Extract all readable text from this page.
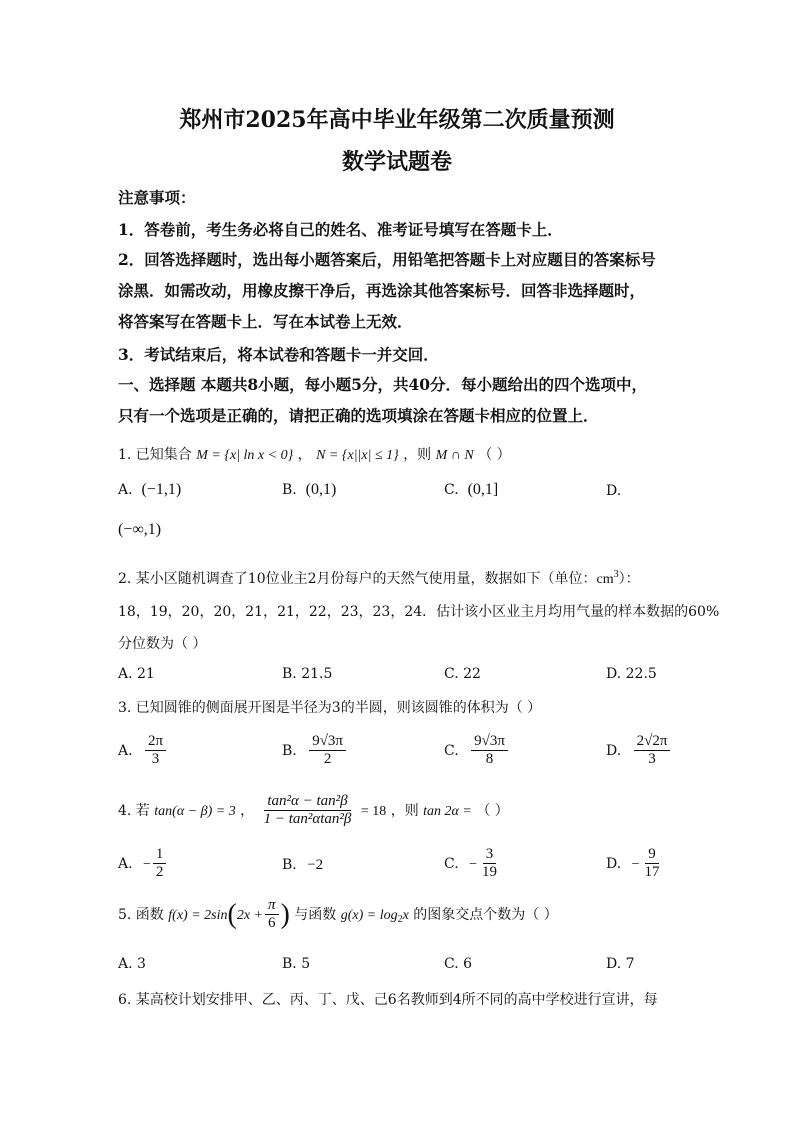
郑州市2025年高中毕业年级第二次质量预测
数学试题卷
注意事项：
1．答卷前，考生务必将自己的姓名、准考证号填写在答题卡上．
2．回答选择题时，选出每小题答案后，用铅笔把答题卡上对应题目的答案标号
涂黑．如需改动，用橡皮擦干净后，再选涂其他答案标号．回答非选择题时，
将答案写在答题卡上．写在本试卷上无效．
3．考试结束后，将本试卷和答题卡一并交回．
一、选择题 本题共8小题，每小题5分，共40分．每小题给出的四个选项中，
只有一个选项是正确的，请把正确的选项填涂在答题卡相应的位置上．
1. 已知集合 M = {x| ln x < 0} ， N = {x||x| ≤ 1} ，则 M ∩ N （ ）
A. (−1,1)	B. (0,1)	C. (0,1]	D.
(−∞,1)
2. 某小区随机调查了10位业主2月份每户的天然气使用量，数据如下（单位：$cm^3$）：
18，19，20，20，21，21，22，23，23，24．估计该小区业主月均用气量的样本数据的60%
分位数为（ ）
A. 21	B. 21.5	C. 22	D. 22.5
3. 已知圆锥的侧面展开图是半径为3的半圆，则该圆锥的体积为（ ）
A. $\frac{2\pi}{3}$	B. $\frac{9√3\pi}{2}$	C. $\frac{9√3\pi}{8}$	D. $\frac{2√2\pi}{3}$
4. 若 tan(α − β) = 3 ， $\frac{\text{tan²α − tan²β}}{\text{1 − tan²αtan²β}} = 18$ ，则 tan 2α = （ ）
A. − $\frac{1}{2}$	B. −2	C. − $\frac{3}{19}$	D. − $\frac{9}{17}$
5. 函数 $f(x) = 2\sin(2x + \frac{\pi}{6}$ ) 与函数 $g(x) = \log_2x$ 的图象交点个数为（ ）
A. 3	B. 5	C. 6	D. 7
6. 某高校计划安排甲、乙、丙、丁、戊、己6名教师到4所不同的高中学校进行宣讲，每
